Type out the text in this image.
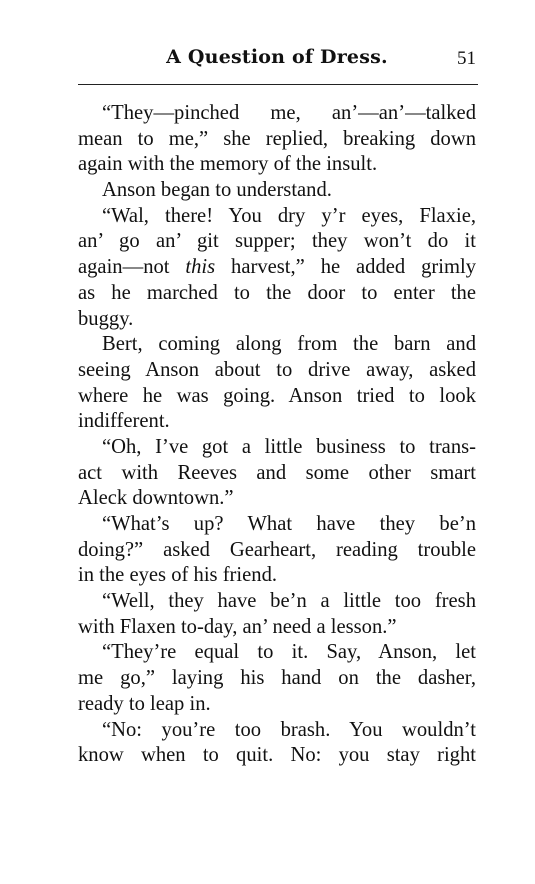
A Question of Dress.	51
“They—pinched me, an’—an’—talked
mean to me,” she replied, breaking down
again with the memory of the insult.
Anson began to understand.
“Wal, there! You dry y’r eyes, Flaxie,
an’ go an’ git supper; they won’t do it
again—not this harvest,” he added grimly
as he marched to the door to enter the
buggy.
Bert, coming along from the barn and
seeing Anson about to drive away, asked
where he was going. Anson tried to look
indifferent.
“Oh, I’ve got a little business to trans-
act with Reeves and some other smart
Aleck downtown.”
“What’s up? What have they be’n
doing?” asked Gearheart, reading trouble
in the eyes of his friend.
“Well, they have be’n a little too fresh
with Flaxen to-day, an’ need a lesson.”
“They’re equal to it. Say, Anson, let
me go,” laying his hand on the dasher,
ready to leap in.
“No: you’re too brash. You wouldn’t
know when to quit. No: you stay right
